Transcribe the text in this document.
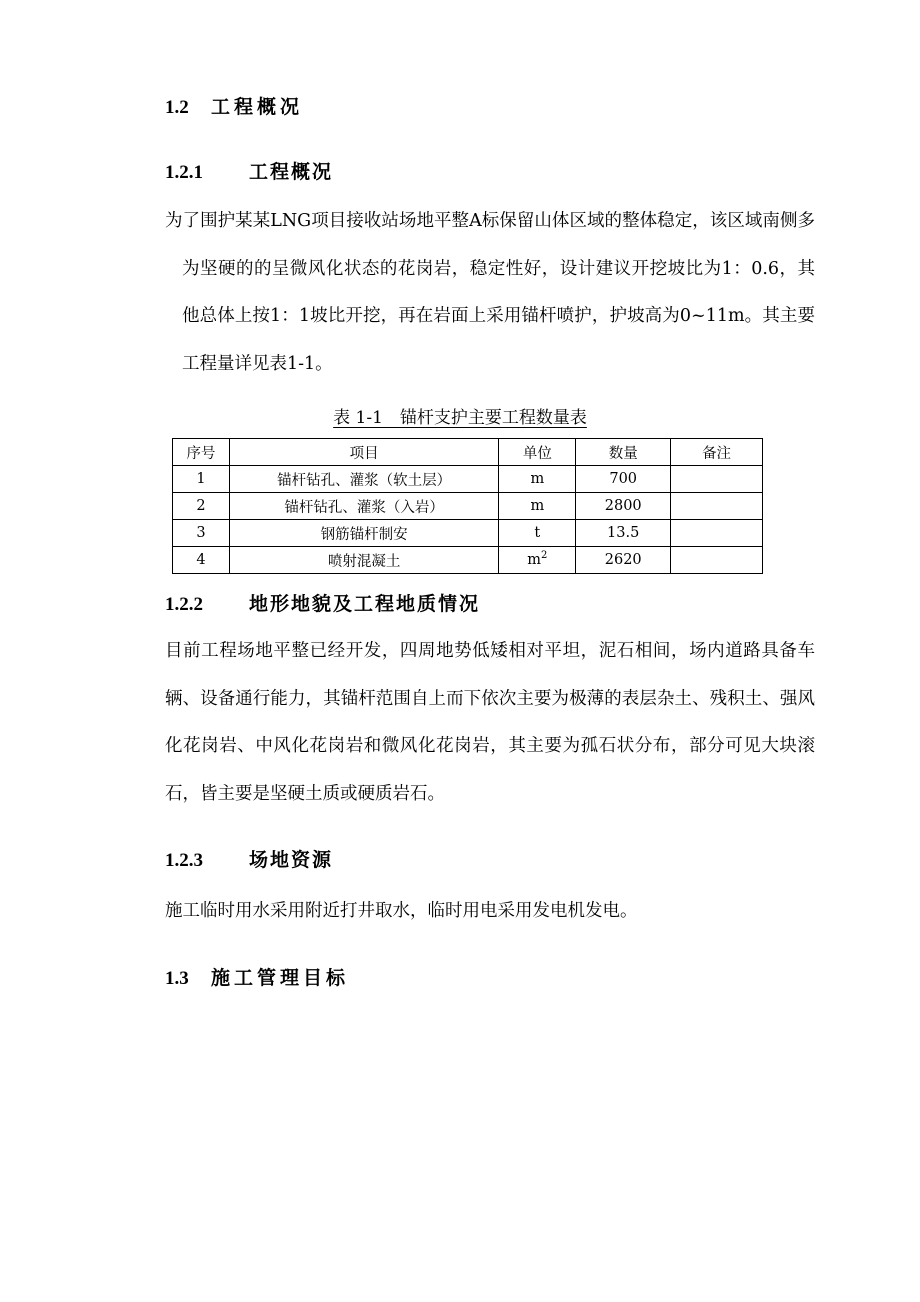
1.2 工程概况
1.2.1 工程概况

为了围护某某LNG项目接收站场地平整A标保留山体区域的整体稳定，该区域南侧多为坚硬的的呈微风化状态的花岗岩，稳定性好，设计建议开挖坡比为1：0.6，其他总体上按1：1坡比开挖，再在岩面上采用锚杆喷护，护坡高为0~11m。其主要工程量详见表1-1。

表 1-1　锚杆支护主要工程数量表
序号	项目	单位	数量	备注
1	锚杆钻孔、灌浆（软土层）	m	700	
2	锚杆钻孔、灌浆（入岩）	m	2800	
3	钢筋锚杆制安	t	13.5	
4	喷射混凝土	$m^2$	2620	
1.2.2 地形地貌及工程地质情况

目前工程场地平整已经开发，四周地势低矮相对平坦，泥石相间，场内道路具备车辆、设备通行能力，其锚杆范围自上而下依次主要为极薄的表层杂土、残积土、强风化花岗岩、中风化花岗岩和微风化花岗岩，其主要为孤石状分布，部分可见大块滚石，皆主要是坚硬土质或硬质岩石。

1.2.3 场地资源

施工临时用水采用附近打井取水，临时用电采用发电机发电。

1.3 施工管理目标
